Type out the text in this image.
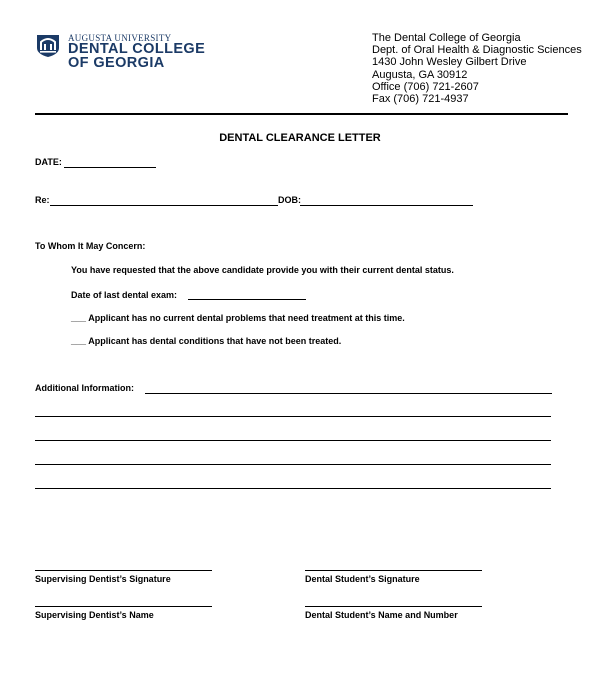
AUGUSTA UNIVERSITY
DENTAL COLLEGE
OF GEORGIA
The Dental College of Georgia
Dept. of Oral Health & Diagnostic Sciences
1430 John Wesley Gilbert Drive
Augusta, GA 30912
Office (706) 721-2607
Fax (706) 721-4937
DENTAL CLEARANCE LETTER
DATE:
Re:	DOB:
To Whom It May Concern:
You have requested that the above candidate provide you with their current dental status.
Date of last dental exam:
___ Applicant has no current dental problems that need treatment at this time.
___ Applicant has dental conditions that have not been treated.
Additional Information:
Supervising Dentist’s Signature	Dental Student’s Signature
Supervising Dentist’s Name	Dental Student’s Name and Number
